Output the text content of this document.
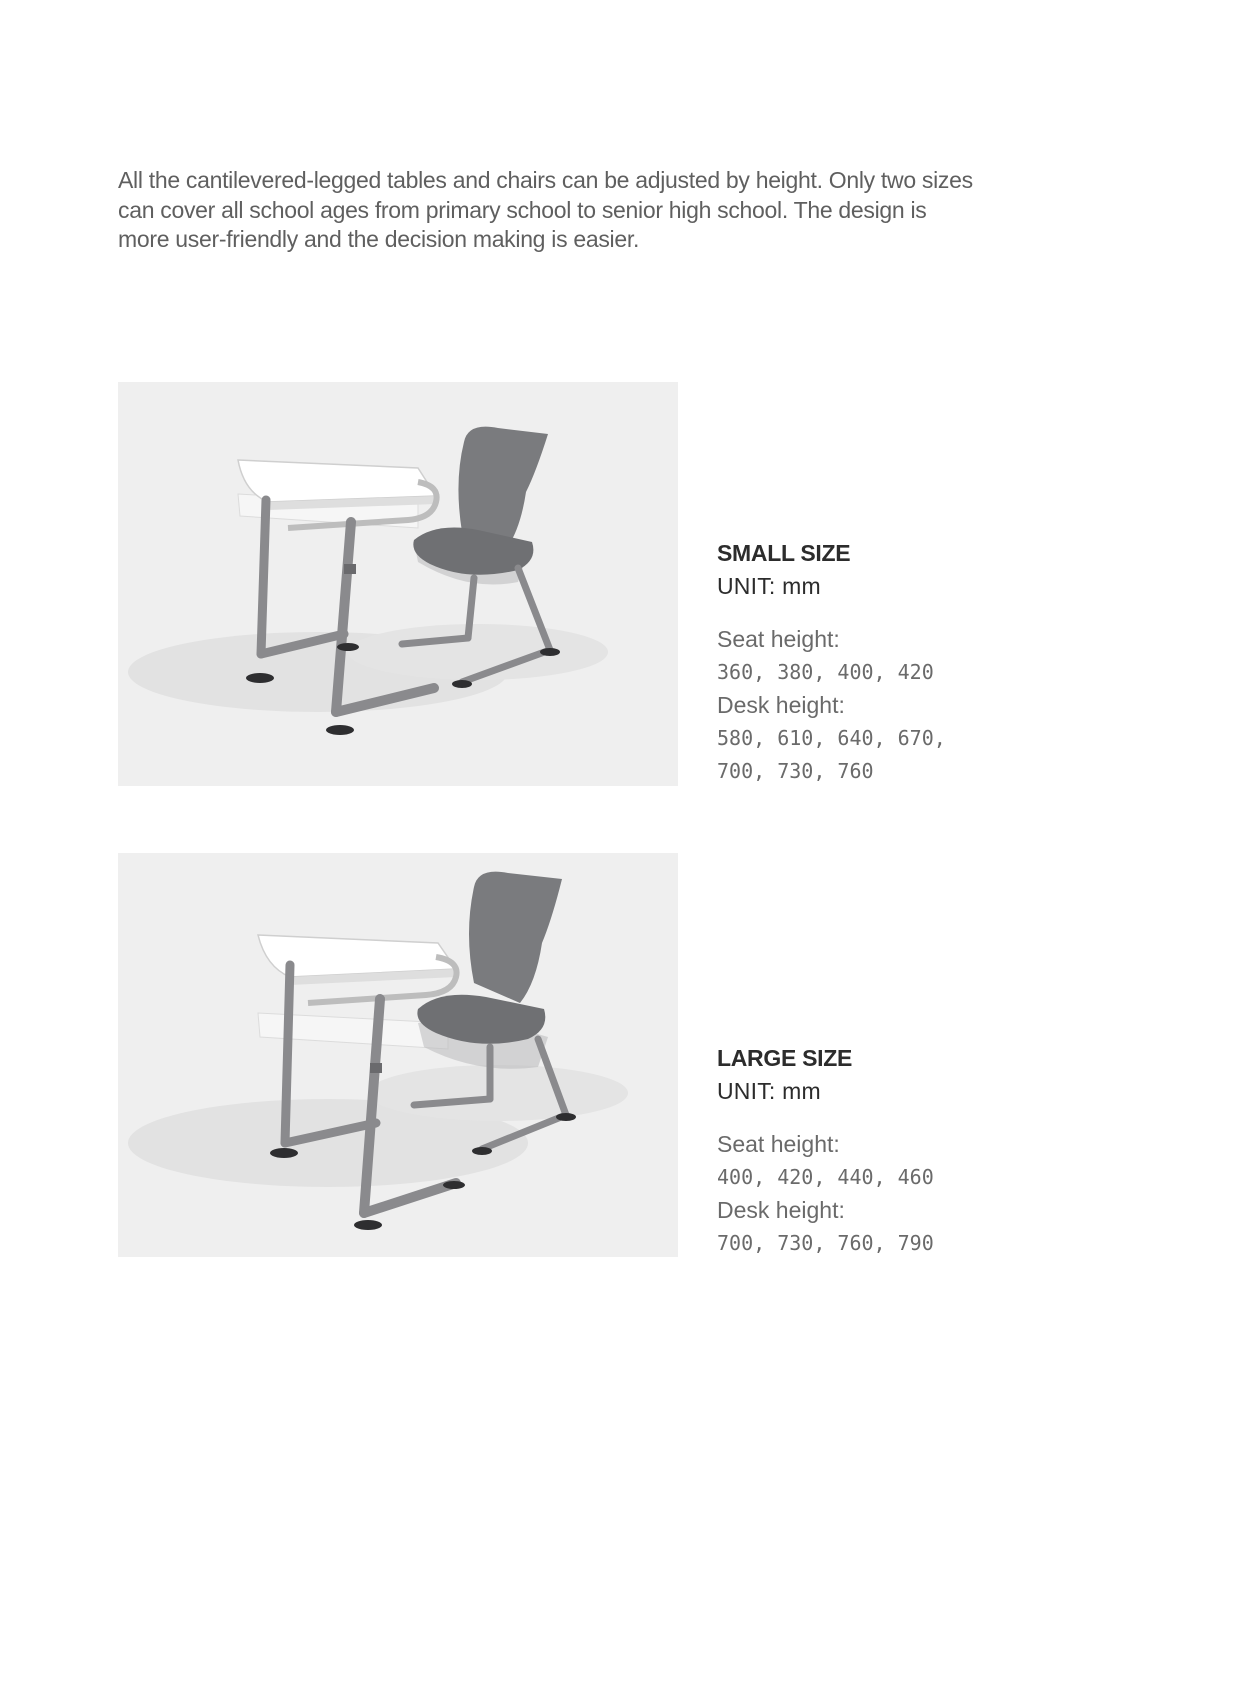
All the cantilevered-legged tables and chairs can be adjusted by height. Only two sizes can cover all school ages from primary school to senior high school. The design is more user-friendly and the decision making is easier.

SMALL SIZE
UNIT: mm
Seat height:
360, 380, 400, 420
Desk height:
580, 610, 640, 670, 700, 730, 760
LARGE SIZE
UNIT: mm
Seat height:
400, 420, 440, 460
Desk height:
700, 730, 760, 790
